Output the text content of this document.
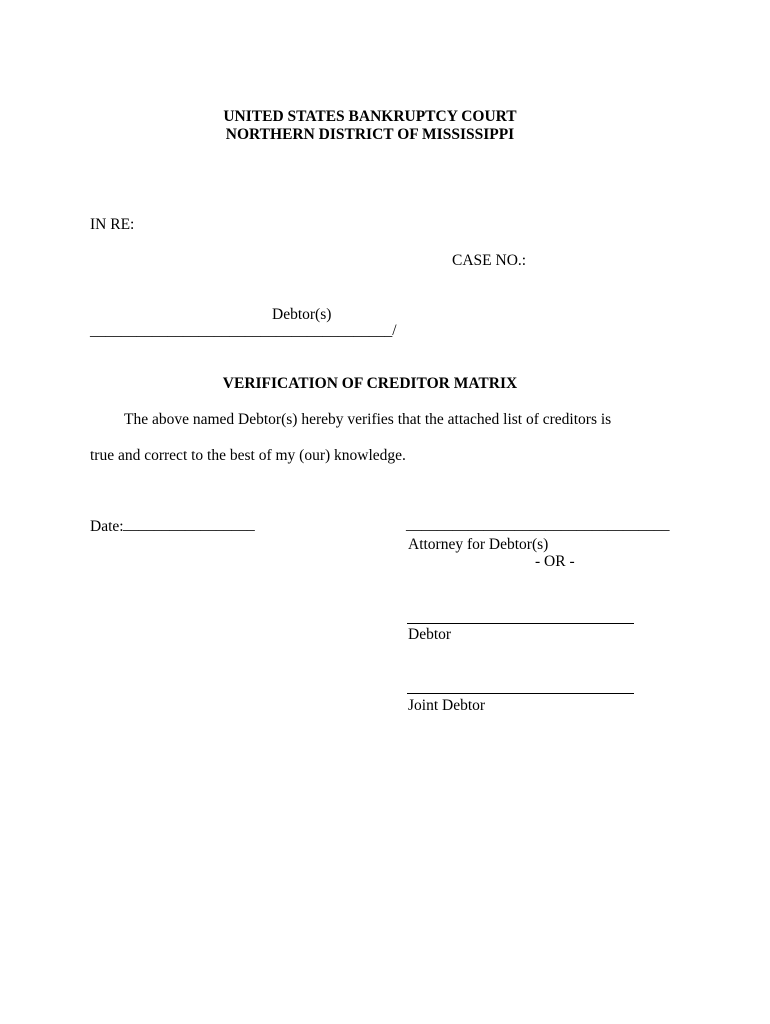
UNITED STATES BANKRUPTCY COURT
NORTHERN DISTRICT OF MISSISSIPPI
IN RE:
CASE NO.:
Debtor(s)
_______________________________________/
VERIFICATION OF CREDITOR MATRIX
The above named Debtor(s) hereby verifies that the attached list of creditors is
true and correct to the best of my (our) knowledge.
Date: _________________	__________________________________
Attorney for Debtor(s)
- OR -
Debtor
Joint Debtor
